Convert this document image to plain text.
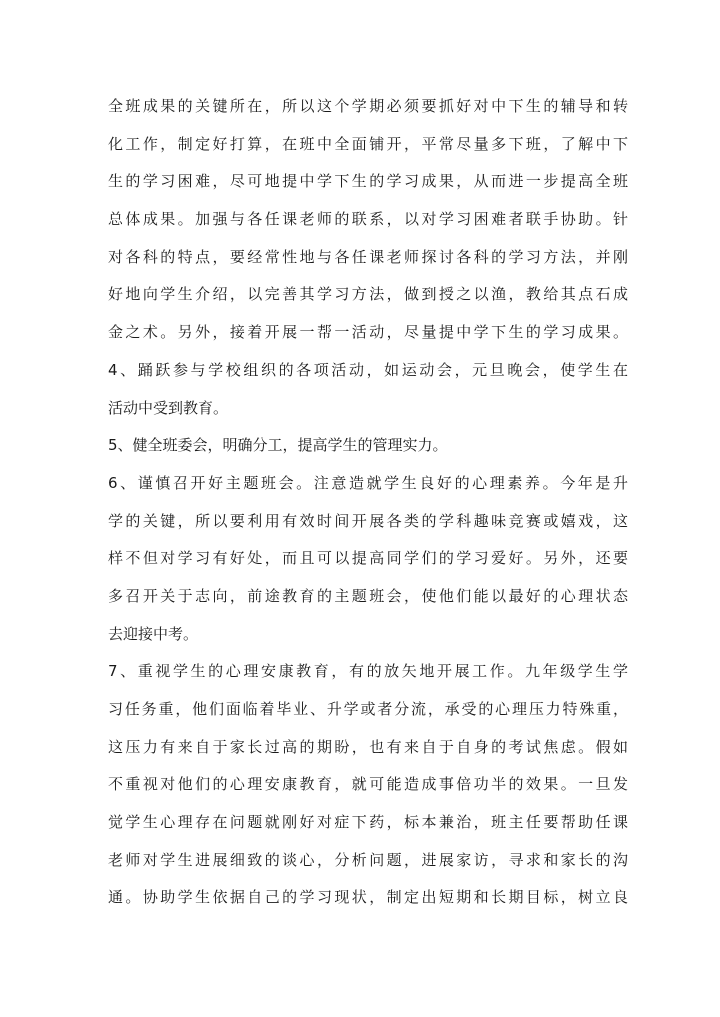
全班成果的关键所在，所以这个学期必须要抓好对中下生的辅导和转
化工作，制定好打算，在班中全面铺开，平常尽量多下班，了解中下
生的学习困难，尽可地提中学下生的学习成果，从而进一步提高全班
总体成果。加强与各任课老师的联系，以对学习困难者联手协助。针
对各科的特点，要经常性地与各任课老师探讨各科的学习方法，并刚
好地向学生介绍，以完善其学习方法，做到授之以渔，教给其点石成
金之术。另外，接着开展一帮一活动，尽量提中学下生的学习成果。
4、踊跃参与学校组织的各项活动，如运动会，元旦晚会，使学生在
活动中受到教育。
5、健全班委会，明确分工，提高学生的管理实力。
6、谨慎召开好主题班会。注意造就学生良好的心理素养。今年是升
学的关键，所以要利用有效时间开展各类的学科趣味竞赛或嬉戏，这
样不但对学习有好处，而且可以提高同学们的学习爱好。另外，还要
多召开关于志向，前途教育的主题班会，使他们能以最好的心理状态
去迎接中考。
7、重视学生的心理安康教育，有的放矢地开展工作。九年级学生学
习任务重，他们面临着毕业、升学或者分流，承受的心理压力特殊重，
这压力有来自于家长过高的期盼，也有来自于自身的考试焦虑。假如
不重视对他们的心理安康教育，就可能造成事倍功半的效果。一旦发
觉学生心理存在问题就刚好对症下药，标本兼治，班主任要帮助任课
老师对学生进展细致的谈心，分析问题，进展家访，寻求和家长的沟
通。协助学生依据自己的学习现状，制定出短期和长期目标，树立良
